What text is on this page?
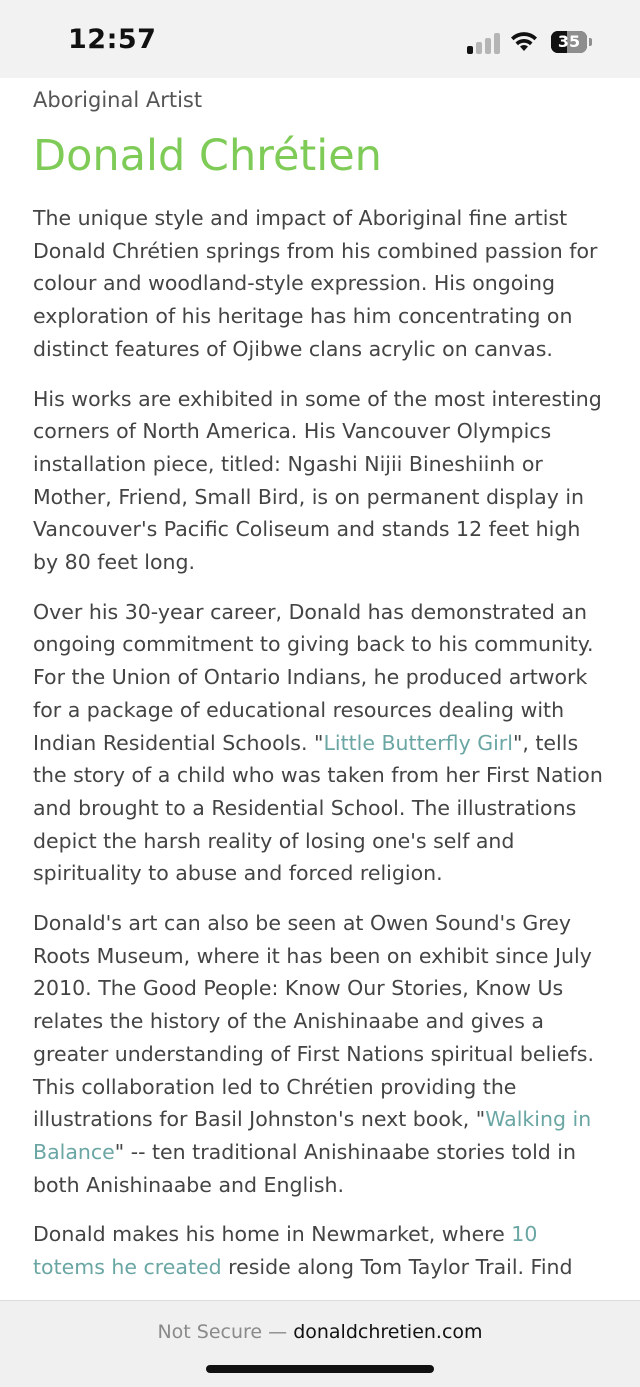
12:57	35
Aboriginal Artist
Donald Chrétien

The unique style and impact of Aboriginal fine artist Donald Chrétien springs from his combined passion for colour and woodland-style expression. His ongoing exploration of his heritage has him concentrating on distinct features of Ojibwe clans acrylic on canvas.

His works are exhibited in some of the most interesting corners of North America. His Vancouver Olympics installation piece, titled: Ngashi Nijii Bineshiinh or Mother, Friend, Small Bird, is on permanent display in Vancouver's Pacific Coliseum and stands 12 feet high by 80 feet long.

Over his 30-year career, Donald has demonstrated an ongoing commitment to giving back to his community. For the Union of Ontario Indians, he produced artwork for a package of educational resources dealing with Indian Residential Schools. "Little Butterfly Girl", tells the story of a child who was taken from her First Nation and brought to a Residential School. The illustrations depict the harsh reality of losing one's self and spirituality to abuse and forced religion.

Donald's art can also be seen at Owen Sound's Grey Roots Museum, where it has been on exhibit since July 2010. The Good People: Know Our Stories, Know Us relates the history of the Anishinaabe and gives a greater understanding of First Nations spiritual beliefs. This collaboration led to Chrétien providing the illustrations for Basil Johnston's next book, "Walking in Balance" -- ten traditional Anishinaabe stories told in both Anishinaabe and English.

Donald makes his home in Newmarket, where 10 totems he created reside along Tom Taylor Trail. Find

Not Secure — donaldchretien.com
